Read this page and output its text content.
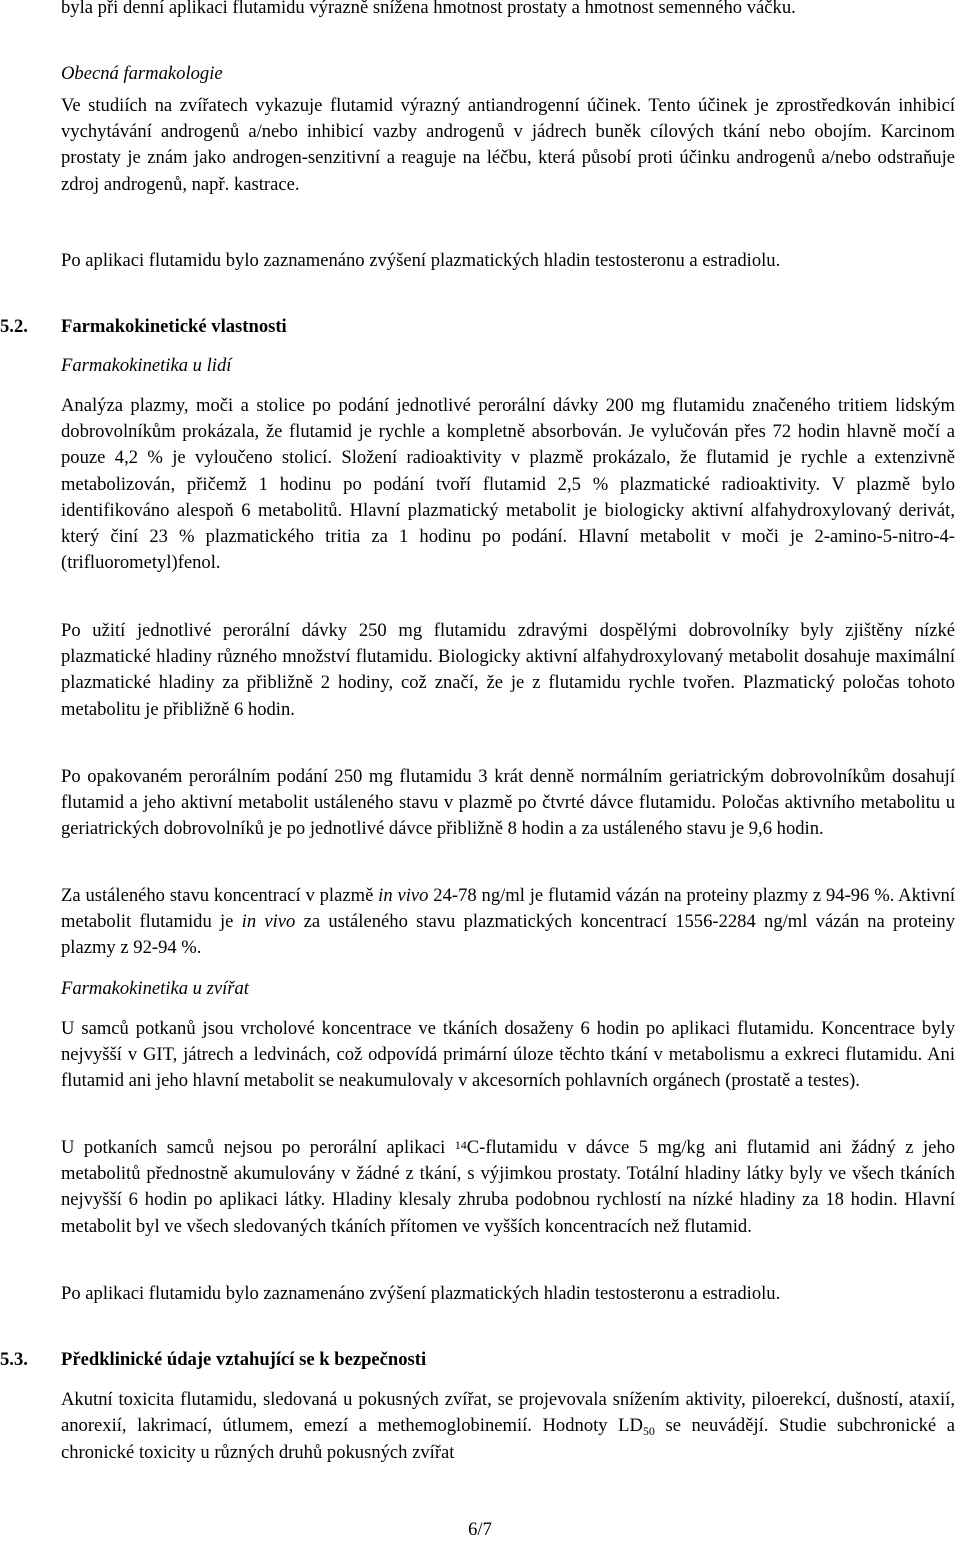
byla při denní aplikaci flutamidu výrazně snížena hmotnost prostaty a hmotnost semenného váčku.

Obecná farmakologie

Ve studiích na zvířatech vykazuje flutamid výrazný antiandrogenní účinek. Tento účinek je zprostředkován inhibicí vychytávání androgenů a/nebo inhibicí vazby androgenů v jádrech buněk cílových tkání nebo obojím. Karcinom prostaty je znám jako androgen-senzitivní a reaguje na léčbu, která působí proti účinku androgenů a/nebo odstraňuje zdroj androgenů, např. kastrace.

Po aplikaci flutamidu bylo zaznamenáno zvýšení plazmatických hladin testosteronu a estradiolu.

5.2. Farmakokinetické vlastnosti

Farmakokinetika u lidí

Analýza plazmy, moči a stolice po podání jednotlivé perorální dávky 200 mg flutamidu značeného tritiem lidským dobrovolníkům prokázala, že flutamid je rychle a kompletně absorbován. Je vylučován přes 72 hodin hlavně močí a pouze 4,2 % je vyloučeno stolicí. Složení radioaktivity v plazmě prokázalo, že flutamid je rychle a extenzivně metabolizován, přičemž 1 hodinu po podání tvoří flutamid 2,5 % plazmatické radioaktivity. V plazmě bylo identifikováno alespoň 6 metabolitů. Hlavní plazmatický metabolit je biologicky aktivní alfahydroxylovaný derivát, který činí 23 % plazmatického tritia za 1 hodinu po podání. Hlavní metabolit v moči je 2-amino-5-nitro-4-(trifluorometyl)fenol.

Po užití jednotlivé perorální dávky 250 mg flutamidu zdravými dospělými dobrovolníky byly zjištěny nízké plazmatické hladiny různého množství flutamidu. Biologicky aktivní alfahydroxylovaný metabolit dosahuje maximální plazmatické hladiny za přibližně 2 hodiny, což značí, že je z flutamidu rychle tvořen. Plazmatický poločas tohoto metabolitu je přibližně 6 hodin.

Po opakovaném perorálním podání 250 mg flutamidu 3 krát denně normálním geriatrickým dobrovolníkům dosahují flutamid a jeho aktivní metabolit ustáleného stavu v plazmě po čtvrté dávce flutamidu. Poločas aktivního metabolitu u geriatrických dobrovolníků je po jednotlivé dávce přibližně 8 hodin a za ustáleného stavu je 9,6 hodin.

Za ustáleného stavu koncentrací v plazmě in vivo 24-78 ng/ml je flutamid vázán na proteiny plazmy z 94-96 %. Aktivní metabolit flutamidu je in vivo za ustáleného stavu plazmatických koncentrací 1556-2284 ng/ml vázán na proteiny plazmy z 92-94 %.

Farmakokinetika u zvířat

U samců potkanů jsou vrcholové koncentrace ve tkáních dosaženy 6 hodin po aplikaci flutamidu. Koncentrace byly nejvyšší v GIT, játrech a ledvinách, což odpovídá primární úloze těchto tkání v metabolismu a exkreci flutamidu. Ani flutamid ani jeho hlavní metabolit se neakumulovaly v akcesorních pohlavních orgánech (prostatě a testes).

U potkaních samců nejsou po perorální aplikaci $^{14}$C-flutamidu v dávce 5 mg/kg ani flutamid ani žádný z jeho metabolitů přednostně akumulovány v žádné z tkání, s výjimkou prostaty. Totální hladiny látky byly ve všech tkáních nejvyšší 6 hodin po aplikaci látky. Hladiny klesaly zhruba podobnou rychlostí na nízké hladiny za 18 hodin. Hlavní metabolit byl ve všech sledovaných tkáních přítomen ve vyšších koncentracích než flutamid.

Po aplikaci flutamidu bylo zaznamenáno zvýšení plazmatických hladin testosteronu a estradiolu.

5.3. Předklinické údaje vztahující se k bezpečnosti

Akutní toxicita flutamidu, sledovaná u pokusných zvířat, se projevovala snížením aktivity, piloerekcí, dušností, ataxií, anorexií, lakrimací, útlumem, emezí a methemoglobinemií. Hodnoty $LD_{50}$ se neuvádějí. Studie subchronické a chronické toxicity u různých druhů pokusných zvířat

6/7
